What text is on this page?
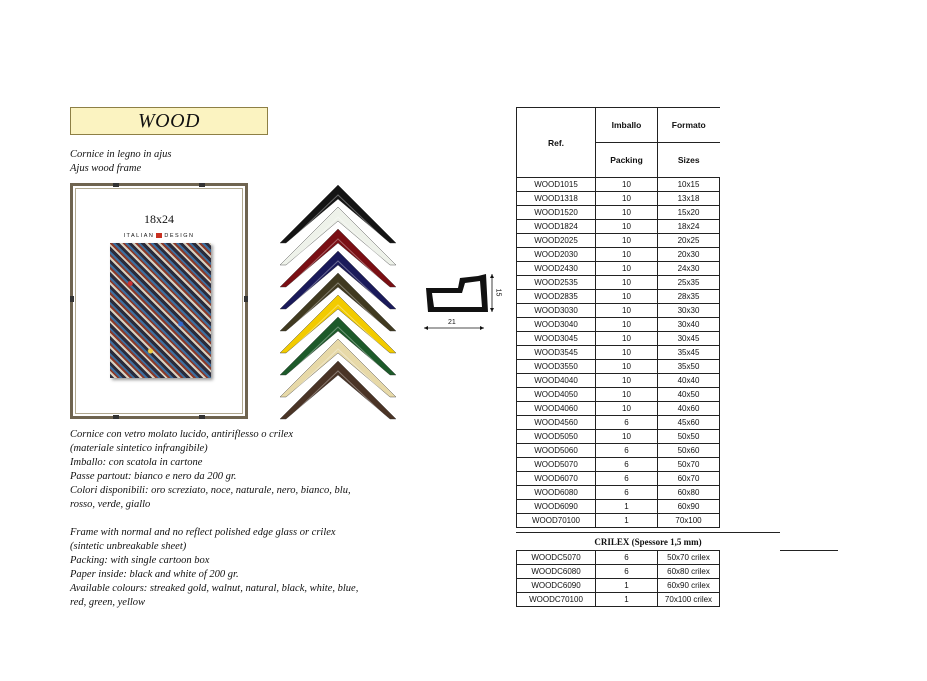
WOOD
Cornice in legno in ajus
Ajus wood frame
18x24
ITALIAN DESIGN
21
15
Cornice con vetro molato lucido, antiriflesso o crilex
(materiale sintetico infrangibile)
Imballo: con scatola in cartone
Passe partout: bianco e nero da 200 gr.
Colori disponibili: oro screziato, noce, naturale, nero, bianco, blu,
rosso, verde, giallo
Frame with normal and no reflect polished edge glass or crilex
(sintetic unbreakable sheet)
Packing: with single cartoon box
Paper inside: black and white of 200 gr.
Available colours: streaked gold, walnut, natural, black, white, blue,
red, green, yellow
Ref.	Imballo	Formato
	Packing	Sizes
WOOD1015	10	10x15
WOOD1318	10	13x18
WOOD1520	10	15x20
WOOD1824	10	18x24
WOOD2025	10	20x25
WOOD2030	10	20x30
WOOD2430	10	24x30
WOOD2535	10	25x35
WOOD2835	10	28x35
WOOD3030	10	30x30
WOOD3040	10	30x40
WOOD3045	10	30x45
WOOD3545	10	35x45
WOOD3550	10	35x50
WOOD4040	10	40x40
WOOD4050	10	40x50
WOOD4060	10	40x60
WOOD4560	6	45x60
WOOD5050	10	50x50
WOOD5060	6	50x60
WOOD5070	6	50x70
WOOD6070	6	60x70
WOOD6080	6	60x80
WOOD6090	1	60x90
WOOD70100	1	70x100
CRILEX (Spessore 1,5 mm)
WOODC5070	6	50x70 crilex
WOODC6080	6	60x80 crilex
WOODC6090	1	60x90 crilex
WOODC70100	1	70x100 crilex
